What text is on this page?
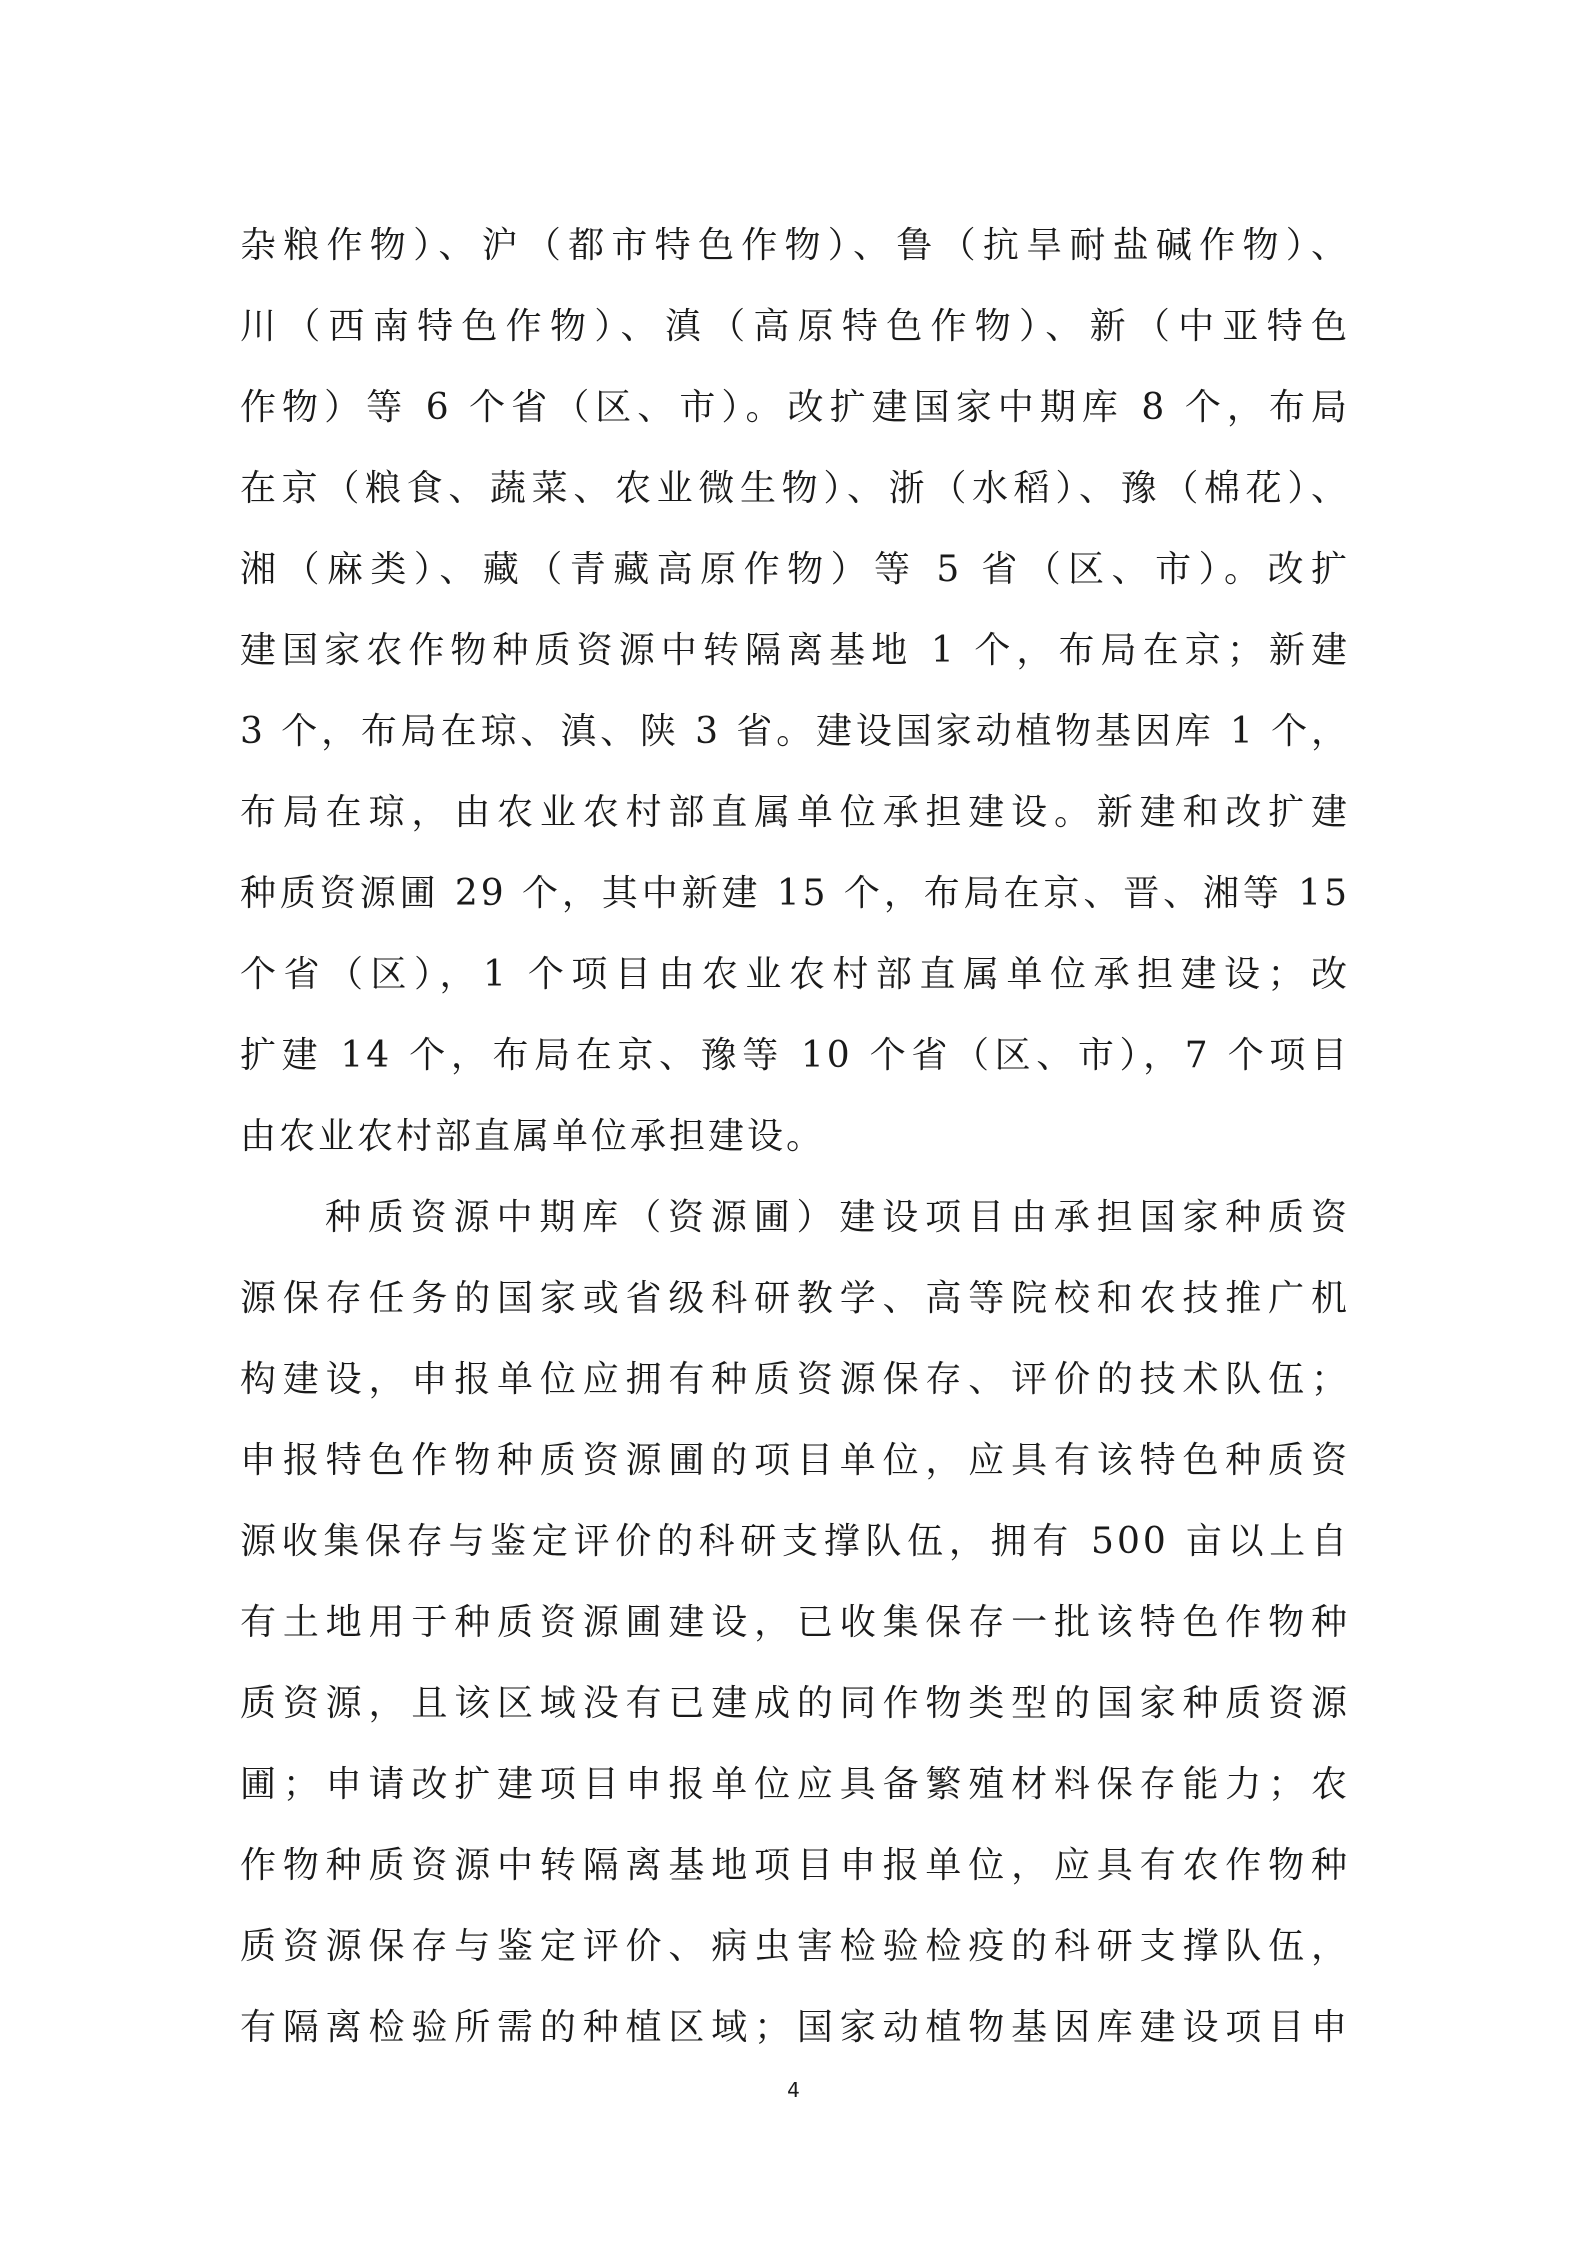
杂粮作物）、沪（都市特色作物）、鲁（抗旱耐盐碱作物）、
川（西南特色作物）、滇（高原特色作物）、新（中亚特色
作物）等 6 个省（区、市）。改扩建国家中期库 8 个，布局
在京（粮食、蔬菜、农业微生物）、浙（水稻）、豫（棉花）、
湘（麻类）、藏（青藏高原作物）等 5 省（区、市）。改扩
建国家农作物种质资源中转隔离基地 1 个，布局在京；新建
3 个，布局在琼、滇、陕 3 省。建设国家动植物基因库 1 个，
布局在琼，由农业农村部直属单位承担建设。新建和改扩建
种质资源圃 29 个，其中新建 15 个，布局在京、晋、湘等 15
个省（区），1 个项目由农业农村部直属单位承担建设；改
扩建 14 个，布局在京、豫等 10 个省（区、市），7 个项目
由农业农村部直属单位承担建设。
种质资源中期库（资源圃）建设项目由承担国家种质资
源保存任务的国家或省级科研教学、高等院校和农技推广机
构建设，申报单位应拥有种质资源保存、评价的技术队伍；
申报特色作物种质资源圃的项目单位，应具有该特色种质资
源收集保存与鉴定评价的科研支撑队伍，拥有 500 亩以上自
有土地用于种质资源圃建设，已收集保存一批该特色作物种
质资源，且该区域没有已建成的同作物类型的国家种质资源
圃；申请改扩建项目申报单位应具备繁殖材料保存能力；农
作物种质资源中转隔离基地项目申报单位，应具有农作物种
质资源保存与鉴定评价、病虫害检验检疫的科研支撑队伍，
有隔离检验所需的种植区域；国家动植物基因库建设项目申
4
